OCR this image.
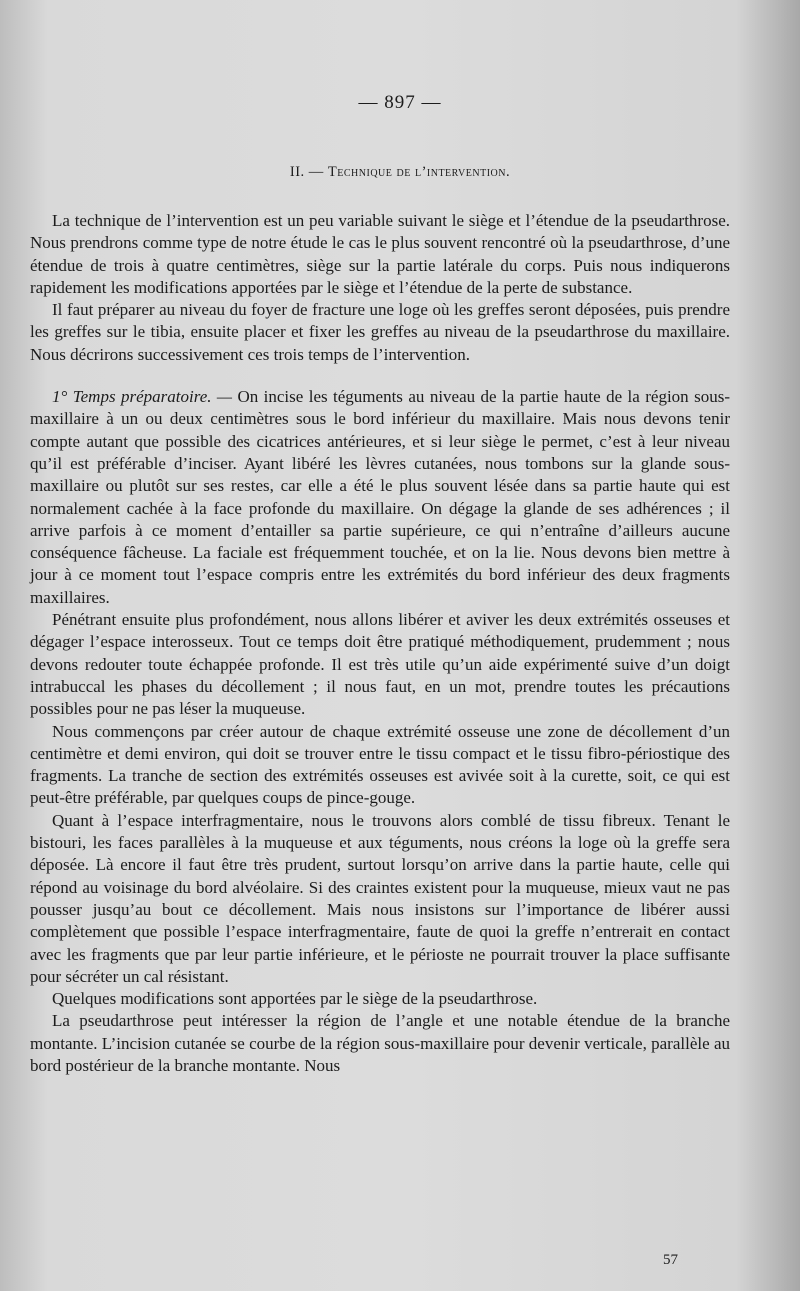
— 897 —
II. — Technique de l’intervention.

La technique de l’intervention est un peu variable suivant le siège et l’étendue de la pseudarthrose. Nous prendrons comme type de notre étude le cas le plus souvent rencontré où la pseudarthrose, d’une étendue de trois à quatre centimètres, siège sur la partie latérale du corps. Puis nous indiquerons rapidement les modifications apportées par le siège et l’étendue de la perte de substance.

Il faut préparer au niveau du foyer de fracture une loge où les greffes seront déposées, puis prendre les greffes sur le tibia, ensuite placer et fixer les greffes au niveau de la pseudarthrose du maxillaire. Nous décrirons successivement ces trois temps de l’intervention.

1° Temps préparatoire. — On incise les téguments au niveau de la partie haute de la région sous-maxillaire à un ou deux centimètres sous le bord inférieur du maxillaire. Mais nous devons tenir compte autant que possible des cicatrices antérieures, et si leur siège le permet, c’est à leur niveau qu’il est préférable d’inciser. Ayant libéré les lèvres cutanées, nous tombons sur la glande sous-maxillaire ou plutôt sur ses restes, car elle a été le plus souvent lésée dans sa partie haute qui est normalement cachée à la face profonde du maxillaire. On dégage la glande de ses adhérences ; il arrive parfois à ce moment d’entailler sa partie supérieure, ce qui n’entraîne d’ailleurs aucune conséquence fâcheuse. La faciale est fréquemment touchée, et on la lie. Nous devons bien mettre à jour à ce moment tout l’espace compris entre les extrémités du bord inférieur des deux fragments maxillaires.

Pénétrant ensuite plus profondément, nous allons libérer et aviver les deux extrémités osseuses et dégager l’espace interosseux. Tout ce temps doit être pratiqué méthodiquement, prudemment ; nous devons redouter toute échappée profonde. Il est très utile qu’un aide expérimenté suive d’un doigt intrabuccal les phases du décollement ; il nous faut, en un mot, prendre toutes les précautions possibles pour ne pas léser la muqueuse.

Nous commençons par créer autour de chaque extrémité osseuse une zone de décollement d’un centimètre et demi environ, qui doit se trouver entre le tissu compact et le tissu fibro-périostique des fragments. La tranche de section des extrémités osseuses est avivée soit à la curette, soit, ce qui est peut-être préférable, par quelques coups de pince-gouge.

Quant à l’espace interfragmentaire, nous le trouvons alors comblé de tissu fibreux. Tenant le bistouri, les faces parallèles à la muqueuse et aux téguments, nous créons la loge où la greffe sera déposée. Là encore il faut être très prudent, surtout lorsqu’on arrive dans la partie haute, celle qui répond au voisinage du bord alvéolaire. Si des craintes existent pour la muqueuse, mieux vaut ne pas pousser jusqu’au bout ce décollement. Mais nous insistons sur l’importance de libérer aussi complètement que possible l’espace interfragmentaire, faute de quoi la greffe n’entrerait en contact avec les fragments que par leur partie inférieure, et le périoste ne pourrait trouver la place suffisante pour sécréter un cal résistant.

Quelques modifications sont apportées par le siège de la pseudarthrose.

La pseudarthrose peut intéresser la région de l’angle et une notable étendue de la branche montante. L’incision cutanée se courbe de la région sous-maxillaire pour devenir verticale, parallèle au bord postérieur de la branche montante. Nous

57
